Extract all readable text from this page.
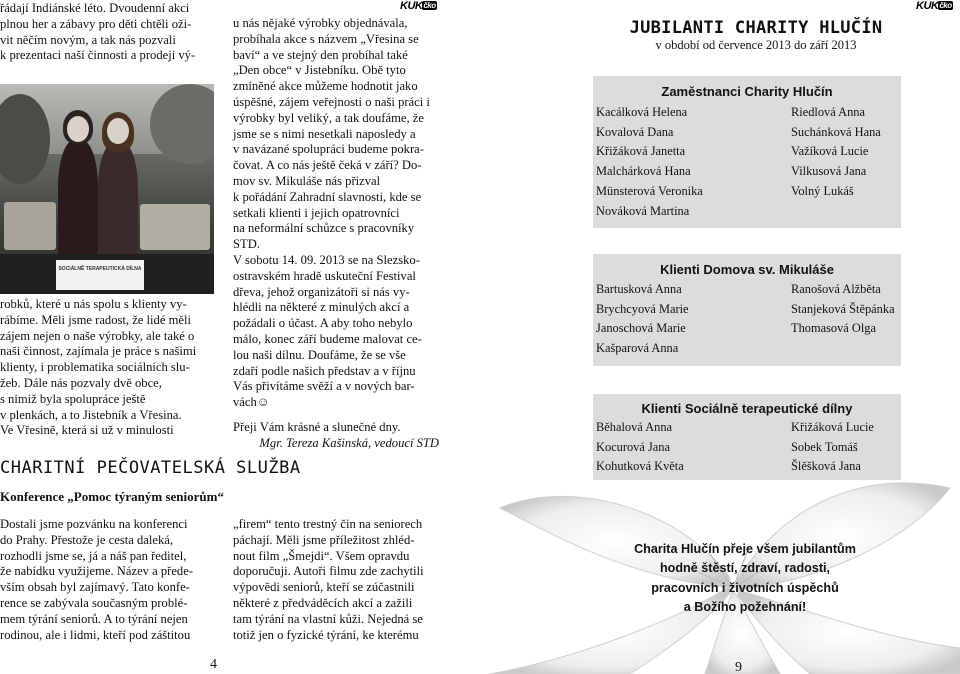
řádají Indiánské léto. Dvoudenní akci

plnou her a zábavy pro děti chtěli oži-

vit něčím novým, a tak nás pozvali

k prezentaci naší činnosti a prodeji vý-

SOCIÁLNĚ TERAPEUTICKÁ DÍLNA

robků, které u nás spolu s klienty vy-

rábíme. Měli jsme radost, že lidé měli

zájem nejen o naše výrobky, ale také o

naši činnost, zajímala je práce s našimi

klienty, i problematika sociálních slu-

žeb. Dále nás pozvaly dvě obce,

s nimiž byla spolupráce ještě

v plenkách, a to Jistebník a Vřesina.

Ve Vřesině, která si už v minulosti

KUKčko

u nás nějaké výrobky objednávala,

probíhala akce s názvem „Vřesina se

baví“ a ve stejný den probíhal také

„Den obce“ v Jistebníku. Obě tyto

zmíněné akce můžeme hodnotit jako

úspěšné, zájem veřejnosti o naši práci i

výrobky byl veliký, a tak doufáme, že

jsme se s nimi nesetkali naposledy a

v navázané spolupráci budeme pokra-

čovat. A co nás ještě čeká v září? Do-

mov sv. Mikuláše nás přizval

k pořádání Zahradní slavnosti, kde se

setkali klienti i jejich opatrovníci

na neformální schůzce s pracovníky

STD.

V sobotu 14. 09. 2013 se na Slezsko-

ostravském hradě uskuteční Festival

dřeva, jehož organizátoři si nás vy-

hlédli na některé z minulých akcí a

požádali o účast. A aby toho nebylo

málo, konec září budeme malovat ce-

lou naši dílnu. Doufáme, že se vše

zdaří podle našich představ a v říjnu

Vás přivítáme svěží a v nových bar-

vách☺

Přeji Vám krásné a slunečné dny.

Mgr. Tereza Kašinská, vedoucí STD

CHARITNÍ PEČOVATELSKÁ SLUŽBA
Konference „Pomoc týraným seniorům“

Dostali jsme pozvánku na konferenci

do Prahy. Přestože je cesta daleká,

rozhodli jsme se, já a náš pan ředitel,

že nabídku využijeme. Název a přede-

vším obsah byl zajímavý. Tato konfe-

rence se zabývala současným problé-

mem týrání seniorů. A to týrání nejen

rodinou, ale i lidmi, kteří pod záštitou

„firem“ tento trestný čin na seniorech

páchají. Měli jsme příležitost zhléd-

nout film „Šmejdi“. Všem opravdu

doporučuji. Autoři filmu zde zachytili

výpovědi seniorů, kteří se zúčastnili

některé z předváděcích akcí a zažili

tam týrání na vlastní kůži. Nejedná se

totiž jen o fyzické týrání, ke kterému

4
KUKčko
JUBILANTI CHARITY HLUČÍN
v období od července 2013 do září 2013
Zaměstnanci Charity Hlučín
Kacálková Helena	Riedlová Anna
Kovalová Dana	Suchánková Hana
Křižáková Janetta	Važíková Lucie
Malchárková Hana	Vilkusová Jana
Münsterová Veronika	Volný Lukáš
Nováková Martina
Klienti Domova sv. Mikuláše
Bartusková Anna	Ranošová Alžběta
Brychcyová Marie	Stanjeková Štěpánka
Janoschová Marie	Thomasová Olga
Kašparová Anna
Klienti Sociálně terapeutické dílny
Běhalová Anna	Křižáková Lucie
Kocurová Jana	Sobek Tomáš
Kohutková Květa	Šlěšková Jana
Charita Hlučín přeje všem jubilantům
hodně štěstí, zdraví, radosti,
pracovních i životních úspěchů
a Božího požehnání!
9
